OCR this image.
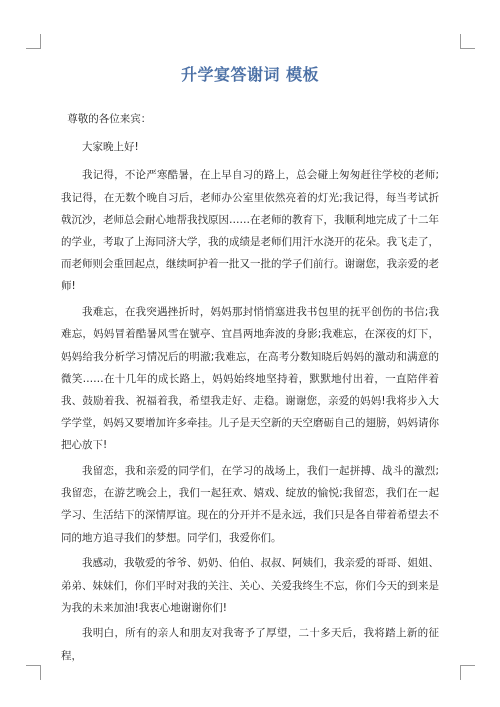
升学宴答谢词 模板

尊敬的各位来宾：

大家晚上好!

我记得，不论严寒酷暑，在上早自习的路上，总会碰上匆匆赶往学校的老师;我记得，在无数个晚自习后，老师办公室里依然亮着的灯光;我记得，每当考试折戟沉沙，老师总会耐心地帮我找原因……在老师的教育下，我顺利地完成了十二年的学业，考取了上海同济大学，我的成绩是老师们用汗水浇开的花朵。我飞走了，而老师则会重回起点，继续呵护着一批又一批的学子们前行。谢谢您，我亲爱的老师!

我难忘，在我突遇挫折时，妈妈那封悄悄塞进我书包里的抚平创伤的书信;我难忘，妈妈冒着酷暑风雪在號亭、宜昌两地奔波的身影;我难忘，在深夜的灯下，妈妈给我分析学习情况后的明澈;我难忘，在高考分数知晓后妈妈的激动和满意的微笑……在十几年的成长路上，妈妈始终地坚持着，默默地付出着，一直陪伴着我、鼓励着我、祝福着我，希望我走好、走稳。谢谢您，亲爱的妈妈!我将步入大学学堂，妈妈又要增加许多牵挂。儿子是天空新的天空磨砺自己的翅膀，妈妈请你把心放下!

我留恋，我和亲爱的同学们，在学习的战场上，我们一起拼搏、战斗的激烈;我留恋，在游艺晚会上，我们一起狂欢、嬉戏、绽放的愉悦;我留恋，我们在一起学习、生活结下的深情厚谊。现在的分开并不是永远，我们只是各自带着希望去不同的地方追寻我们的梦想。同学们，我爱你们。

我感动，我敬爱的爷爷、奶奶、伯伯、叔叔、阿姨们，我亲爱的哥哥、姐姐、弟弟、妹妹们，你们平时对我的关注、关心、关爱我终生不忘，你们今天的到来是为我的未来加油!我衷心地谢谢你们!

我明白，所有的亲人和朋友对我寄予了厚望，二十多天后，我将踏上新的征程，
